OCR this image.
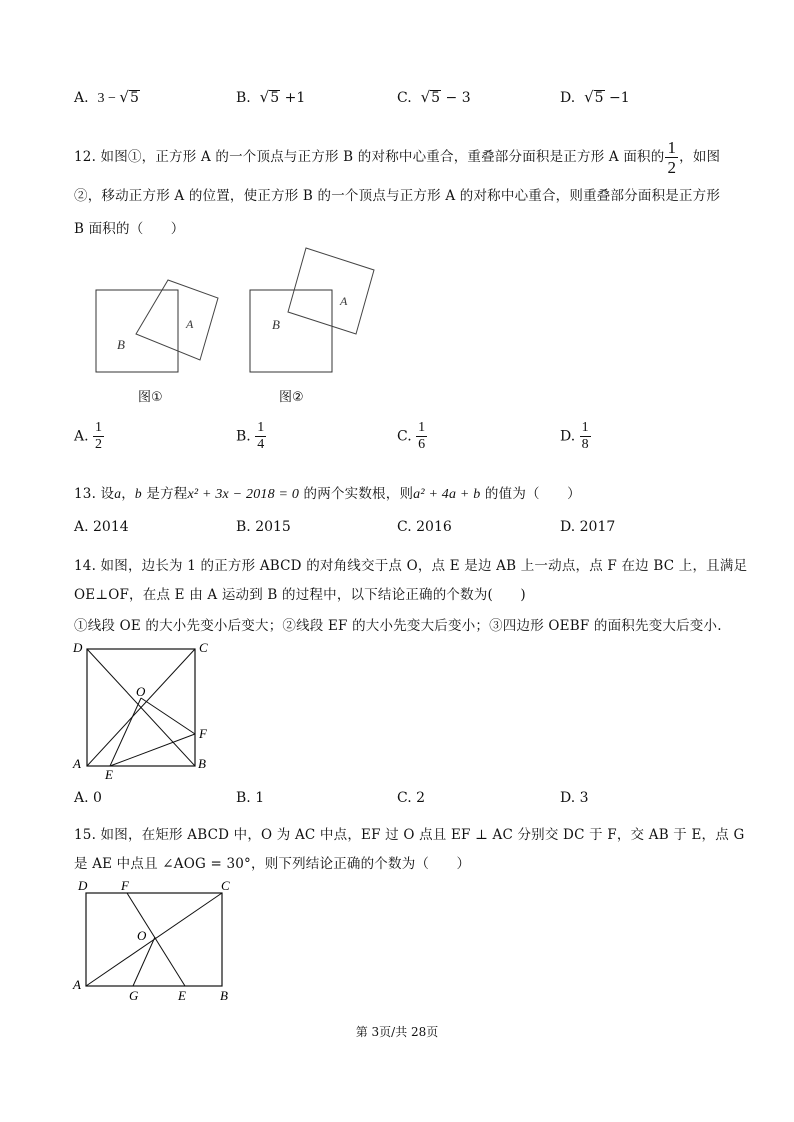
A. 3 − √5	B. √5 +1	C. √5 − 3	D. √5 −1
12. 如图①，正方形 A 的一个顶点与正方形 B 的对称中心重合，重叠部分面积是正方形 A 面积的 $\frac{1}{2}$ ，如图
②，移动正方形 A 的位置，使正方形 B 的一个顶点与正方形 A 的对称中心重合，则重叠部分面积是正方形
B 面积的（　　）
A
B
图①
A
B
图②
A. $\frac{1}{2}$	B. $\frac{1}{4}$	C. $\frac{1}{6}$	D. $\frac{1}{8}$
13. 设a，b 是方程x² + 3x − 2018 = 0 的两个实数根，则a² + 4a + b 的值为（　　）
A. 2014	B. 2015	C. 2016	D. 2017
14. 如图，边长为 1 的正方形 ABCD 的对角线交于点 O，点 E 是边 AB 上一动点，点 F 在边 BC 上，且满足
OE⊥OF，在点 E 由 A 运动到 B 的过程中，以下结论正确的个数为(　　)
①线段 OE 的大小先变小后变大；②线段 EF 的大小先变大后变小；③四边形 OEBF 的面积先变大后变小.
D	C
O
F
A
E
B
A. 0	B. 1	C. 2	D. 3
15. 如图，在矩形 ABCD 中，O 为 AC 中点，EF 过 O 点且 EF ⊥ AC 分别交 DC 于 F，交 AB 于 E，点 G
是 AE 中点且 ∠AOG = 30°，则下列结论正确的个数为（　　）
D	F	C
O
A
G	E	B
第 3页/共 28页
